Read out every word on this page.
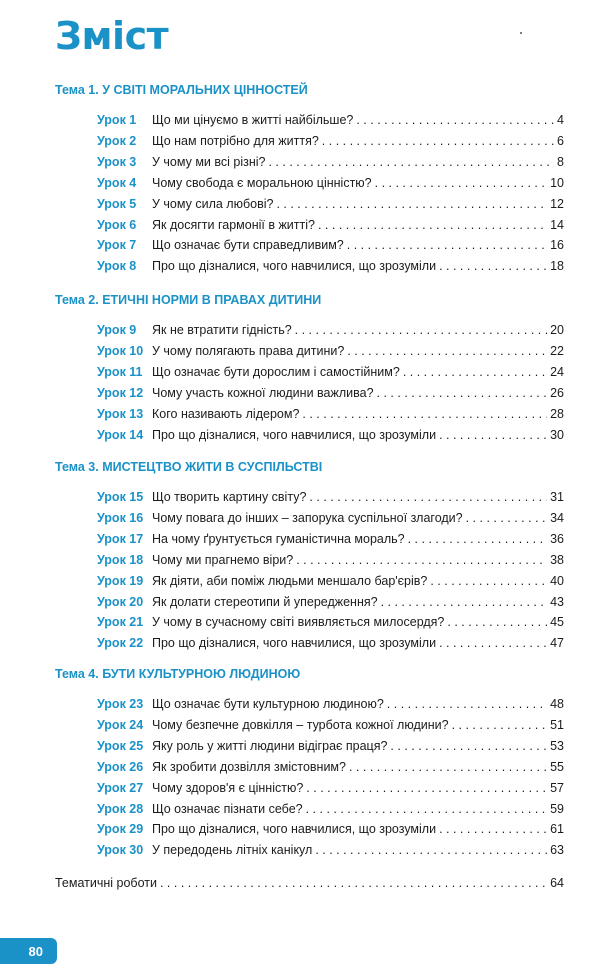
Зміст
Тема 1. У СВІТІ МОРАЛЬНИХ ЦІННОСТЕЙ
Урок 1	Що ми цінуємо в житті найбільше? . . .	4
Урок 2	Що нам потрібно для життя? . . .	6
Урок 3	У чому ми всі різні? . . .	8
Урок 4	Чому свобода є моральною цінністю? . . .	10
Урок 5	У чому сила любові? . . .	12
Урок 6	Як досягти гармонії в житті? . . .	14
Урок 7	Що означає бути справедливим? . . .	16
Урок 8	Про що дізналися, чого навчилися, що зрозуміли . . .	18
Тема 2. ЕТИЧНІ НОРМИ В ПРАВАХ ДИТИНИ
Урок 9	Як не втратити гідність? . . .	20
Урок 10 У чому полягають права дитини? . . .	22
Урок 11 Що означає бути дорослим і самостійним? . . .	24
Урок 12 Чому участь кожної людини важлива? . . .	26
Урок 13 Кого називають лідером? . . .	28
Урок 14 Про що дізналися, чого навчилися, що зрозуміли . . .	30
Тема 3. МИСТЕЦТВО ЖИТИ В СУСПІЛЬСТВІ
Урок 15 Що творить картину світу? . . .	31
Урок 16 Чому повага до інших – запорука суспільної злагоди? . . .	34
Урок 17 На чому ґрунтується гуманістична мораль? . . .	36
Урок 18 Чому ми прагнемо віри? . . .	38
Урок 19 Як діяти, аби поміж людьми меншало бар'єрів? . . .	40
Урок 20 Як долати стереотипи й упередження? . . .	43
Урок 21 У чому в сучасному світі виявляється милосердя? . . .	45
Урок 22 Про що дізналися, чого навчилися, що зрозуміли . . .	47
Тема 4. БУТИ КУЛЬТУРНОЮ ЛЮДИНОЮ
Урок 23 Що означає бути культурною людиною? . . .	48
Урок 24 Чому безпечне довкілля – турбота кожної людини? . . .	51
Урок 25 Яку роль у житті людини відіграє праця? . . .	53
Урок 26 Як зробити дозвілля змістовним? . . .	55
Урок 27 Чому здоров'я є цінністю? . . .	57
Урок 28 Що означає пізнати себе? . . .	59
Урок 29 Про що дізналися, чого навчилися, що зрозуміли . . .	61
Урок 30 У передодень літніх канікул . . .	63
Тематичні роботи . . .	64
80
